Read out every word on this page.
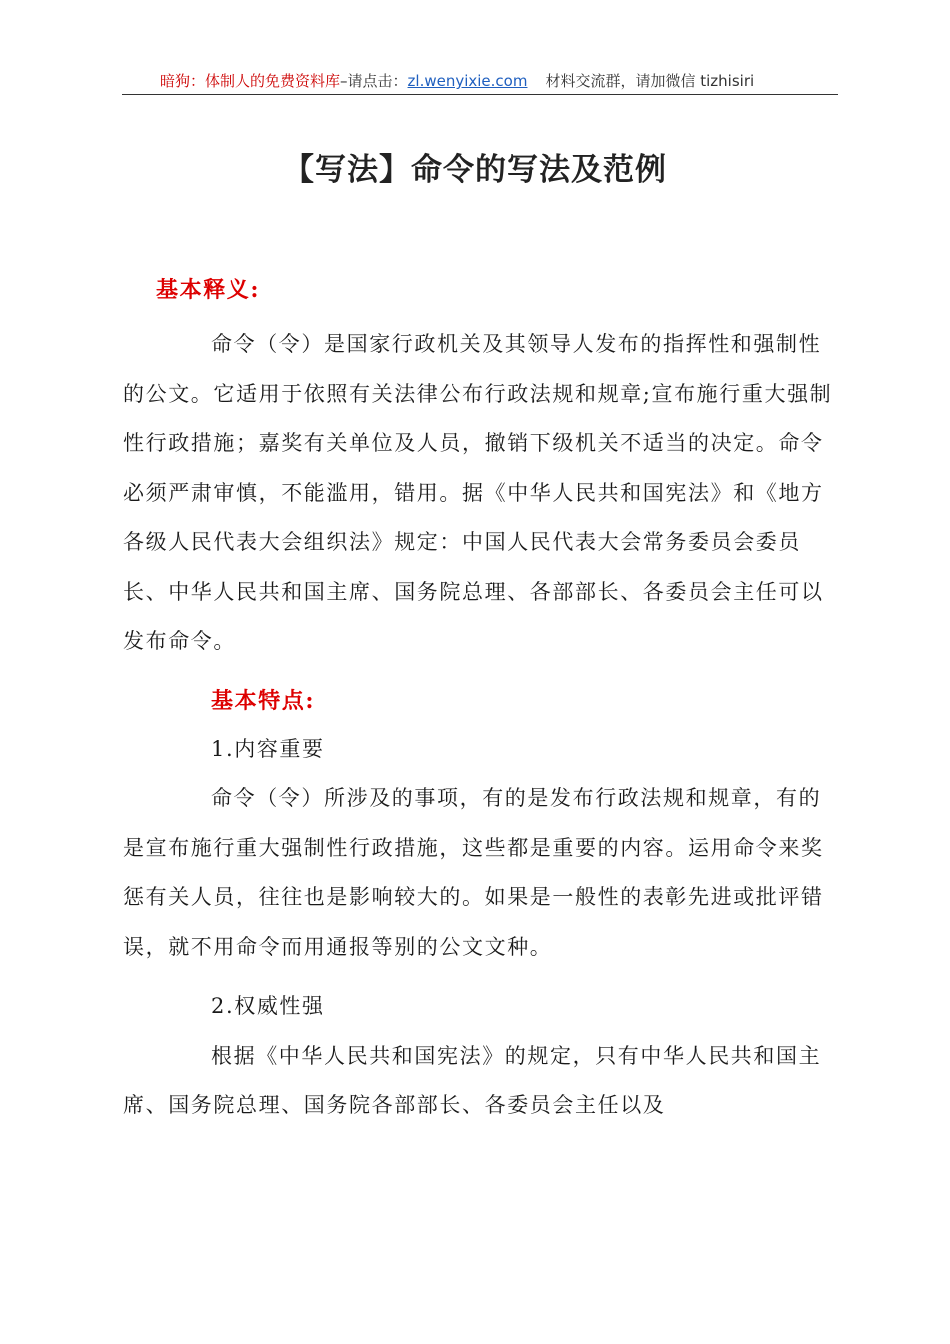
暗狗：体制人的免费资料库–请点击：zl.wenyixie.com 材料交流群，请加微信 tizhisiri
【写法】命令的写法及范例

基本释义:

命令（令）是国家行政机关及其领导人发布的指挥性和强制性的公文。它适用于依照有关法律公布行政法规和规章;宣布施行重大强制性行政措施；嘉奖有关单位及人员，撤销下级机关不适当的决定。命令必须严肃审慎，不能滥用，错用。据《中华人民共和国宪法》和《地方各级人民代表大会组织法》规定：中国人民代表大会常务委员会委员长、中华人民共和国主席、国务院总理、各部部长、各委员会主任可以发布命令。

基本特点:

1.内容重要

命令（令）所涉及的事项，有的是发布行政法规和规章，有的是宣布施行重大强制性行政措施，这些都是重要的内容。运用命令来奖惩有关人员，往往也是影响较大的。如果是一般性的表彰先进或批评错误，就不用命令而用通报等别的公文文种。

2.权威性强

根据《中华人民共和国宪法》的规定，只有中华人民共和国主席、国务院总理、国务院各部部长、各委员会主任以及
